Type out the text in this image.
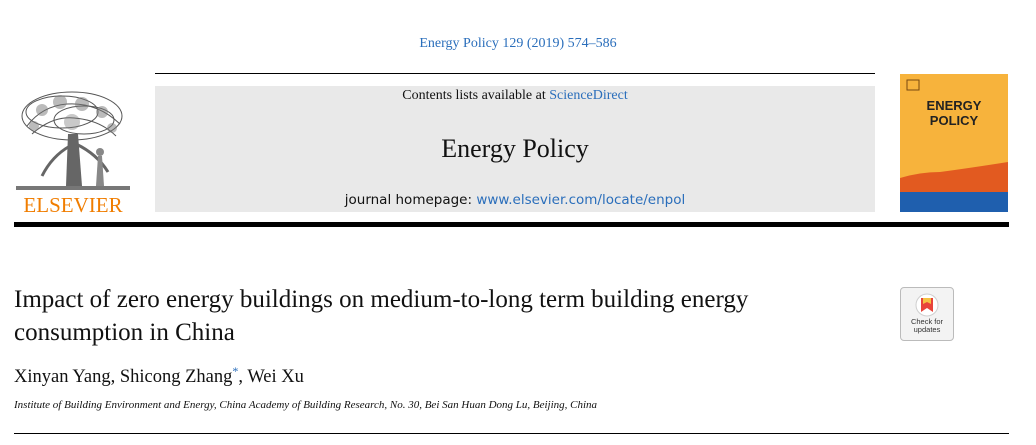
Energy Policy 129 (2019) 574–586
ELSEVIER
Contents lists available at ScienceDirect
Energy Policy
journal homepage: www.elsevier.com/locate/enpol
ENERGY
POLICY
Impact of zero energy buildings on medium-to-long term building energy
consumption in China	Check for
updates
Xinyan Yang, Shicong Zhang*, Wei Xu
Institute of Building Environment and Energy, China Academy of Building Research, No. 30, Bei San Huan Dong Lu, Beijing, China
